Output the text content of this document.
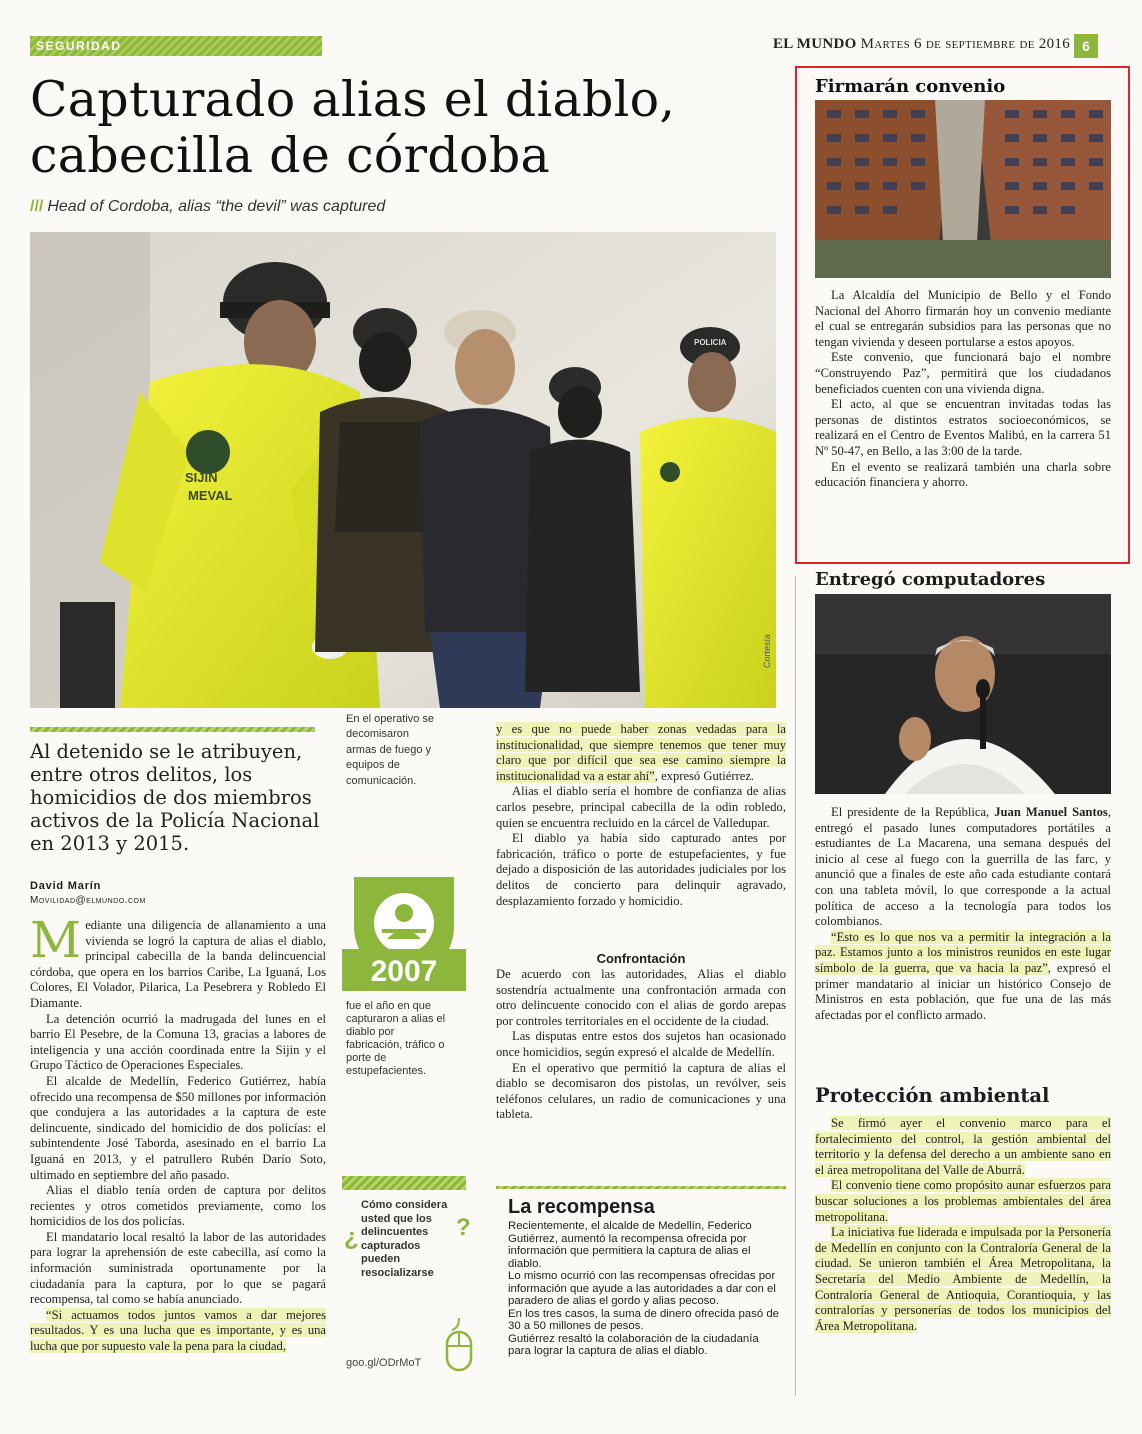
SEGURIDAD	EL MUNDO Martes 6 de septiembre de 2016 6
Capturado alias el diablo, cabecilla de córdoba
/// Head of Cordoba, alias “the devil” was captured
SIJIN
MEVAL
POLICIA
Cortesía
Al detenido se le atribuyen, entre otros delitos, los homicidios de dos miembros activos de la Policía Nacional en 2013 y 2015.
David Marín
Movilidad@elmundo.com

Mediante una diligencia de allanamiento a una vivienda se logró la captura de alias el diablo, principal cabecilla de la banda delincuencial córdoba, que opera en los barrios Caribe, La Iguaná, Los Colores, El Volador, Pilarica, La Pesebrera y Robledo El Diamante.

La detención ocurrió la madrugada del lunes en el barrio El Pesebre, de la Comuna 13, gracias a labores de inteligencia y una acción coordinada entre la Sijin y el Grupo Táctico de Operaciones Especiales.

El alcalde de Medellín, Federico Gutiérrez, había ofrecido una recompensa de $50 millones por información que condujera a las autoridades a la captura de este delincuente, sindicado del homicidio de dos policías: el subintendente José Taborda, asesinado en el barrio La Iguaná en 2013, y el patrullero Rubén Darío Soto, ultimado en septiembre del año pasado.

Alias el diablo tenía orden de captura por delitos recientes y otros cometidos previamente, como los homicidios de los dos policías.

El mandatario local resaltó la labor de las autoridades para lograr la aprehensión de este cabecilla, así como la información suministrada oportunamente por la ciudadanía para la captura, por lo que se pagará recompensa, tal como se había anunciado.

“Si actuamos todos juntos vamos a dar mejores resultados. Y es una lucha que es importante, y es una lucha que por supuesto vale la pena para la ciudad,

En el operativo se decomisaron armas de fuego y equipos de comunicación.
2007
fue el año en que capturaron a alias el diablo por fabricación, tráfico o porte de estupefacientes.
¿
Cómo considera usted que los delincuentes capturados pueden resocializarse
?
goo.gl/ODrMoT

y es que no puede haber zonas vedadas para la institucionalidad, que siempre tenemos que tener muy claro que por difícil que sea ese camino siempre la institucionalidad va a estar ahí”, expresó Gutiérrez.

Alias el diablo sería el hombre de confianza de alias carlos pesebre, principal cabecilla de la odin robledo, quien se encuentra recluido en la cárcel de Valledupar.

El diablo ya había sido capturado antes por fabricación, tráfico o porte de estupefacientes, y fue dejado a disposición de las autoridades judiciales por los delitos de concierto para delinquir agravado, desplazamiento forzado y homicidio.

Confrontación

De acuerdo con las autoridades, Alias el diablo sostendría actualmente una confrontación armada con otro delincuente conocido con el alias de gordo arepas por controles territoriales en el occidente de la ciudad.

Las disputas entre estos dos sujetos han ocasionado once homicidios, según expresó el alcalde de Medellín.

En el operativo que permitió la captura de alias el diablo se decomisaron dos pistolas, un revólver, seis teléfonos celulares, un radio de comunicaciones y una tableta.

La recompensa

Recientemente, el alcalde de Medellín, Federico Gutiérrez, aumentó la recompensa ofrecida por información que permitiera la captura de alias el diablo.

Lo mismo ocurrió con las recompensas ofrecidas por información que ayude a las autoridades a dar con el paradero de alias el gordo y alias pecoso.

En los tres casos, la suma de dinero ofrecida pasó de 30 a 50 millones de pesos.

Gutiérrez resaltó la colaboración de la ciudadanía para lograr la captura de alias el diablo.

Firmarán convenio

La Alcaldía del Municipio de Bello y el Fondo Nacional del Ahorro firmarán hoy un convenio mediante el cual se entregarán subsidios para las personas que no tengan vivienda y deseen portularse a estos apoyos.

Este convenio, que funcionará bajo el nombre “Construyendo Paz”, permitirá que los ciudadanos beneficiados cuenten con una vivienda digna.

El acto, al que se encuentran invitadas todas las personas de distintos estratos socioeconómicos, se realizará en el Centro de Eventos Malibú, en la carrera 51 Nº 50-47, en Bello, a las 3:00 de la tarde.

En el evento se realizará también una charla sobre educación financiera y ahorro.

Entregó computadores

El presidente de la República, Juan Manuel Santos, entregó el pasado lunes computadores portátiles a estudiantes de La Macarena, una semana después del inicio al cese al fuego con la guerrilla de las farc, y anunció que a finales de este año cada estudiante contará con una tableta móvil, lo que corresponde a la actual política de acceso a la tecnología para todos los colombianos.

“Esto es lo que nos va a permitir la integración a la paz. Estamos junto a los ministros reunidos en este lugar símbolo de la guerra, que va hacia la paz”, expresó el primer mandatario al iniciar un histórico Consejo de Ministros en esta población, que fue una de las más afectadas por el conflicto armado.

Protección ambiental

Se firmó ayer el convenio marco para el fortalecimiento del control, la gestión ambiental del territorio y la defensa del derecho a un ambiente sano en el área metropolitana del Valle de Aburrá.

El convenio tiene como propósito aunar esfuerzos para buscar soluciones a los problemas ambientales del área metropolitana.

La iniciativa fue liderada e impulsada por la Personería de Medellín en conjunto con la Contraloría General de la ciudad. Se unieron también el Área Metropolitana, la Secretaría del Medio Ambiente de Medellín, la Contraloría General de Antioquia, Corantioquia, y las contralorías y personerías de todos los municipios del Área Metropolitana.
